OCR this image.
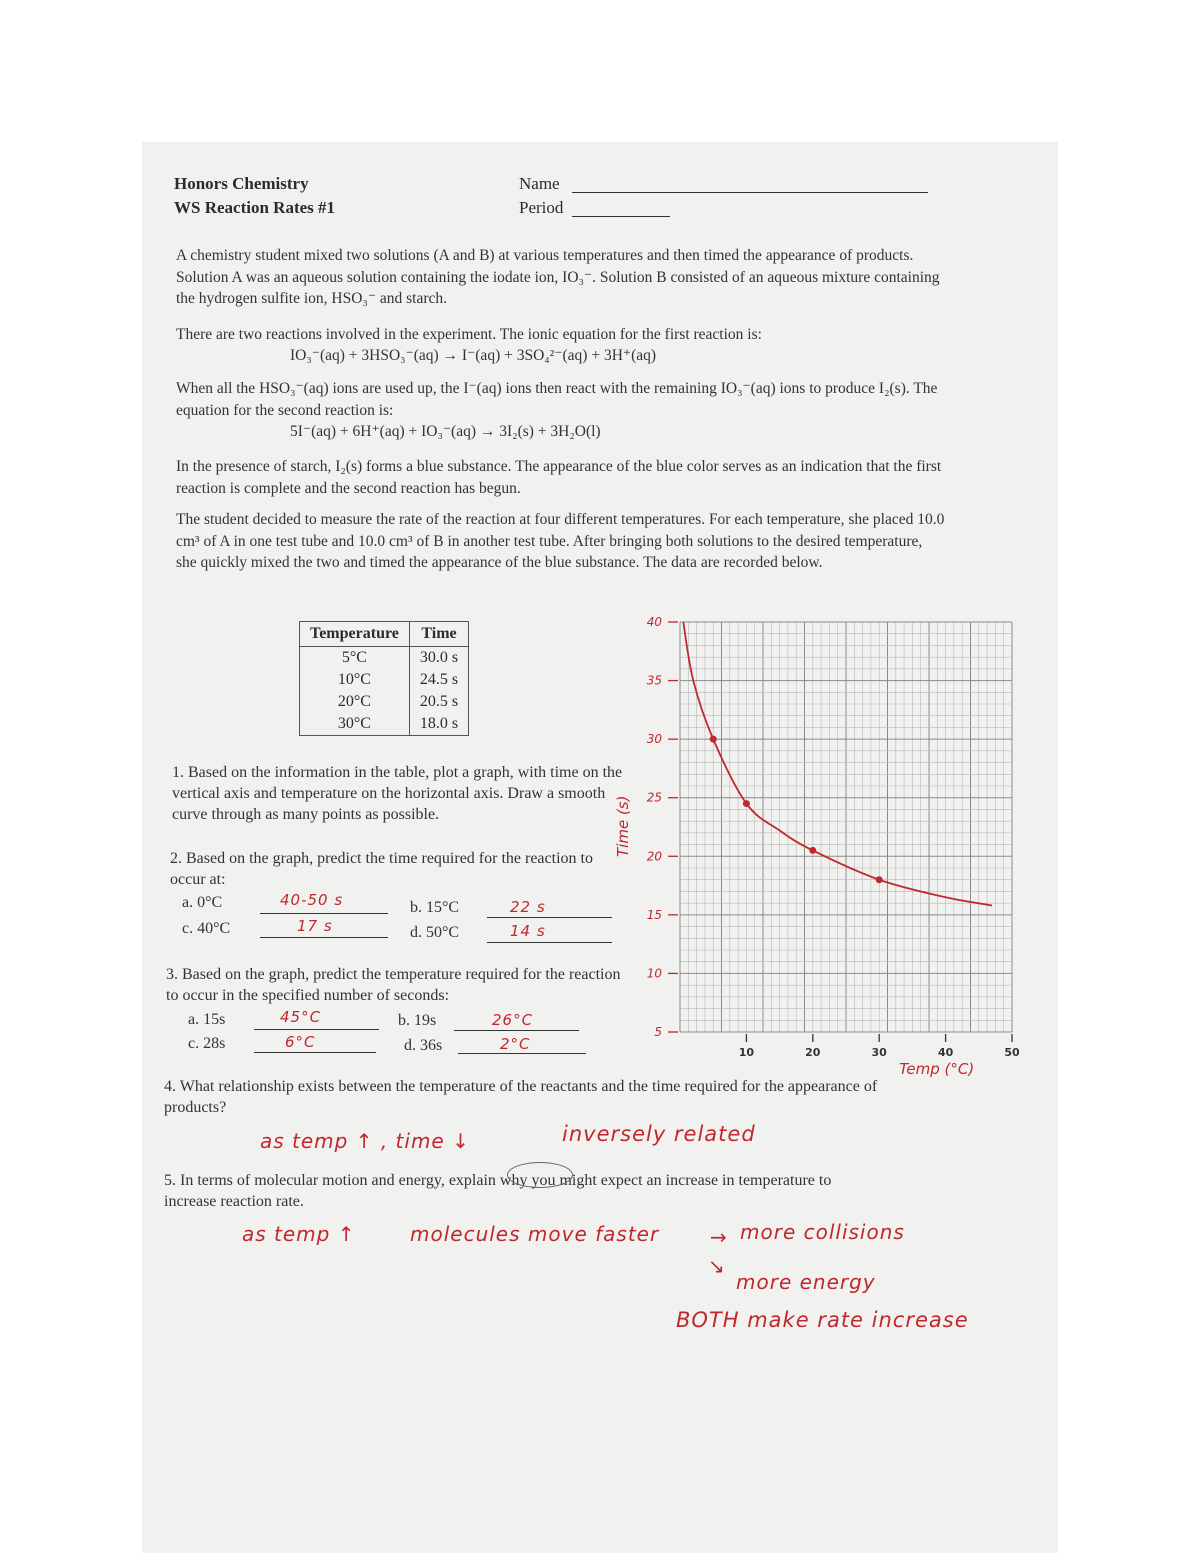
Honors Chemistry
WS Reaction Rates #1
Name
Period
A chemistry student mixed two solutions (A and B) at various temperatures and then timed the appearance of products. Solution A was an aqueous solution containing the iodate ion, IO₃⁻. Solution B consisted of an aqueous mixture containing the hydrogen sulfite ion, HSO₃⁻ and starch.
There are two reactions involved in the experiment. The ionic equation for the first reaction is:
IO₃⁻(aq) + 3HSO₃⁻(aq) → I⁻(aq) + 3SO₄²⁻(aq) + 3H⁺(aq)
When all the HSO₃⁻(aq) ions are used up, the I⁻(aq) ions then react with the remaining IO₃⁻(aq) ions to produce I₂(s). The equation for the second reaction is:
5I⁻(aq) + 6H⁺(aq) + IO₃⁻(aq) → 3I₂(s) + 3H₂O(l)
In the presence of starch, I₂(s) forms a blue substance. The appearance of the blue color serves as an indication that the first reaction is complete and the second reaction has begun.
The student decided to measure the rate of the reaction at four different temperatures. For each temperature, she placed 10.0 cm³ of A in one test tube and 10.0 cm³ of B in another test tube. After bringing both solutions to the desired temperature, she quickly mixed the two and timed the appearance of the blue substance. The data are recorded below.
Temperature	Time
5°C	30.0 s
10°C	24.5 s
20°C	20.5 s
30°C	18.0 s
1. Based on the information in the table, plot a graph, with time on the vertical axis and temperature on the horizontal axis. Draw a smooth curve through as many points as possible.
2. Based on the graph, predict the time required for the reaction to occur at:
a. 0°C	40-50 s	b. 15°C	22 s
c. 40°C	17 s	d. 50°C	14 s
3. Based on the graph, predict the temperature required for the reaction to occur in the specified number of seconds:
a. 15s	45°C	b. 19s	26°C
c. 28s	6°C	d. 36s	2°C
4. What relationship exists between the temperature of the reactants and the time required for the appearance of products?
as temp ↑ , time ↓	inversely related
5. In terms of molecular motion and energy, explain why you might expect an increase in temperature to increase reaction rate.
as temp ↑	molecules move faster	→ more collisions
↘
more energy
BOTH make rate increase
5
10
15
20
25
30
35
40
10	20	30	40	50
Time (s)
Temp (°C)
